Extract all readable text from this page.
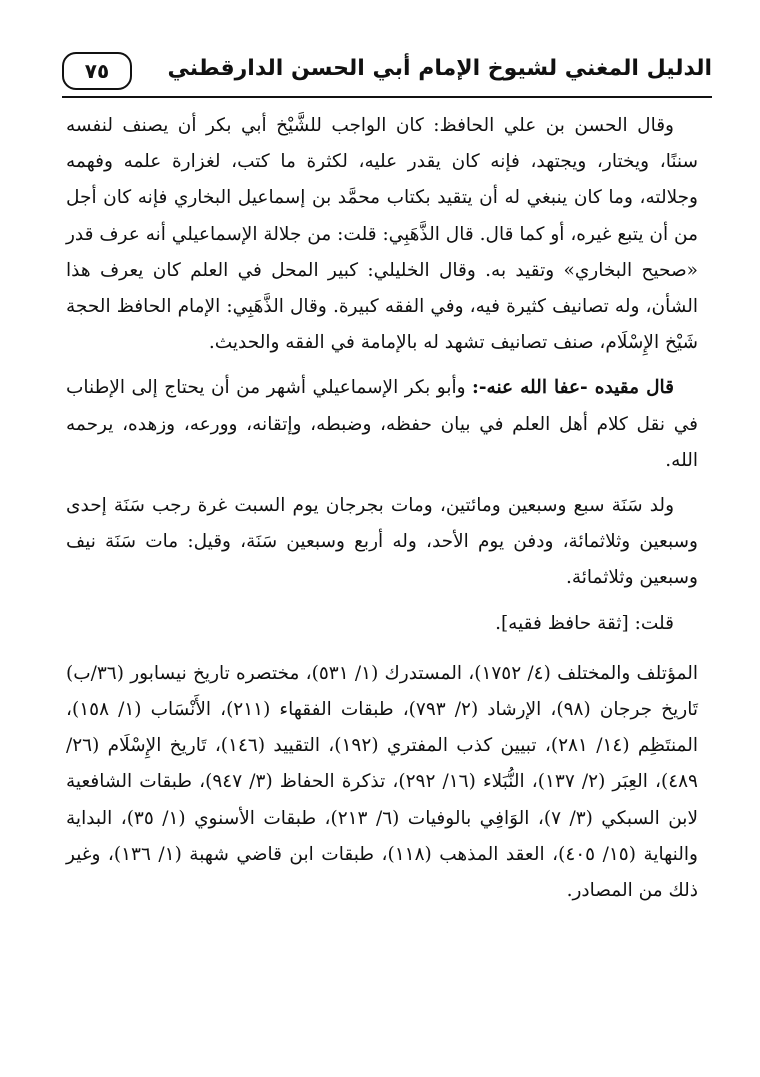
الدليل المغني لشيوخ الإمام أبي الحسن الدارقطني
٧٥

وقال الحسن بن علي الحافظ: كان الواجب للشَّيْخ أبي بكر أن يصنف لنفسه سننًا، ويختار، ويجتهد، فإنه كان يقدر عليه، لكثرة ما كتب، لغزارة علمه وفهمه وجلالته، وما كان ينبغي له أن يتقيد بكتاب محمَّد بن إسماعيل البخاري فإنه كان أجل من أن يتبع غيره، أو كما قال. قال الذَّهَبِي: قلت: من جلالة الإسماعيلي أنه عرف قدر «صحيح البخاري» وتقيد به. وقال الخليلي: كبير المحل في العلم كان يعرف هذا الشأن، وله تصانيف كثيرة فيه، وفي الفقه كبيرة. وقال الذَّهَبِي: الإمام الحافظ الحجة شَيْخ الإِسْلَام، صنف تصانيف تشهد له بالإمامة في الفقه والحديث.

قال مقيده -عفا الله عنه-: وأبو بكر الإسماعيلي أشهر من أن يحتاج إلى الإطناب في نقل كلام أهل العلم في بيان حفظه، وضبطه، وإتقانه، وورعه، وزهده، يرحمه الله.

ولد سَنَة سبع وسبعين ومائتين، ومات بجرجان يوم السبت غرة رجب سَنَة إحدى وسبعين وثلاثمائة، ودفن يوم الأحد، وله أربع وسبعين سَنَة، وقيل: مات سَنَة نيف وسبعين وثلاثمائة.

قلت: [ثقة حافظ فقيه].

المؤتلف والمختلف (٤/ ١٧٥٢)، المستدرك (١/ ٥٣١)، مختصره تاريخ نيسابور (٣٦/ب) تَاريخ جرجان (٩٨)، الإرشاد (٢/ ٧٩٣)، طبقات الفقهاء (٢١١)، الأَنْسَاب (١/ ١٥٨)، المنتَظِم (١٤/ ٢٨١)، تبيين كذب المفتري (١٩٢)، التقييد (١٤٦)، تَاريخ الإِسْلَام (٢٦/ ٤٨٩)، العِبَر (٢/ ١٣٧)، النُّبَلاء (١٦/ ٢٩٢)، تذكرة الحفاظ (٣/ ٩٤٧)، طبقات الشافعية لابن السبكي (٣/ ٧)، الوَافِي بالوفيات (٦/ ٢١٣)، طبقات الأسنوي (١/ ٣٥)، البداية والنهاية (١٥/ ٤٠٥)، العقد المذهب (١١٨)، طبقات ابن قاضي شهبة (١/ ١٣٦)، وغير ذلك من المصادر.
